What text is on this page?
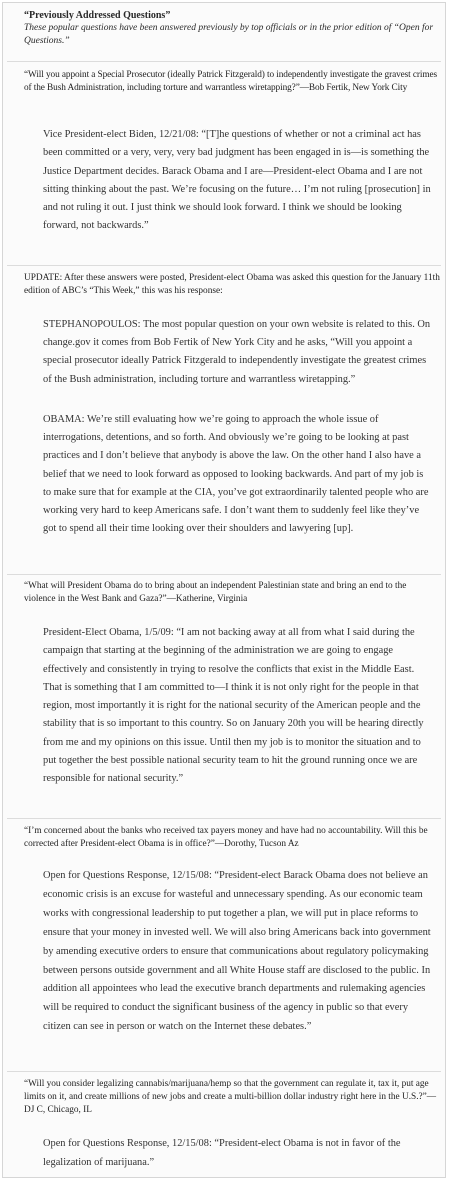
“Previously Addressed Questions”
These popular questions have been answered previously by top officials or in the prior edition of “Open for Questions.”
“Will you appoint a Special Prosecutor (ideally Patrick Fitzgerald) to independently investigate the gravest crimes of the Bush Administration, including torture and warrantless wiretapping?”—Bob Fertik, New York City
Vice President-elect Biden, 12/21/08: “[T]he questions of whether or not a criminal act has been committed or a very, very, very bad judgment has been engaged in is—is something the Justice Department decides. Barack Obama and I are—President-elect Obama and I are not sitting thinking about the past. We’re focusing on the future… I’m not ruling [prosecution] in and not ruling it out. I just think we should look forward. I think we should be looking forward, not backwards.”
UPDATE: After these answers were posted, President-elect Obama was asked this question for the January 11th edition of ABC’s “This Week,” this was his response:
STEPHANOPOULOS: The most popular question on your own website is related to this. On change.gov it comes from Bob Fertik of New York City and he asks, “Will you appoint a special prosecutor ideally Patrick Fitzgerald to independently investigate the greatest crimes of the Bush administration, including torture and warrantless wiretapping.”
OBAMA: We’re still evaluating how we’re going to approach the whole issue of interrogations, detentions, and so forth. And obviously we’re going to be looking at past practices and I don’t believe that anybody is above the law. On the other hand I also have a belief that we need to look forward as opposed to looking backwards. And part of my job is to make sure that for example at the CIA, you’ve got extraordinarily talented people who are working very hard to keep Americans safe. I don’t want them to suddenly feel like they’ve got to spend all their time looking over their shoulders and lawyering [up].
“What will President Obama do to bring about an independent Palestinian state and bring an end to the violence in the West Bank and Gaza?”—Katherine, Virginia
President-Elect Obama, 1/5/09: “I am not backing away at all from what I said during the campaign that starting at the beginning of the administration we are going to engage effectively and consistently in trying to resolve the conflicts that exist in the Middle East. That is something that I am committed to—I think it is not only right for the people in that region, most importantly it is right for the national security of the American people and the stability that is so important to this country. So on January 20th you will be hearing directly from me and my opinions on this issue. Until then my job is to monitor the situation and to put together the best possible national security team to hit the ground running once we are responsible for national security.”
“I’m concerned about the banks who received tax payers money and have had no accountability. Will this be corrected after President-elect Obama is in office?”—Dorothy, Tucson Az
Open for Questions Response, 12/15/08: “President-elect Barack Obama does not believe an economic crisis is an excuse for wasteful and unnecessary spending. As our economic team works with congressional leadership to put together a plan, we will put in place reforms to ensure that your money in invested well. We will also bring Americans back into government by amending executive orders to ensure that communications about regulatory policymaking between persons outside government and all White House staff are disclosed to the public. In addition all appointees who lead the executive branch departments and rulemaking agencies will be required to conduct the significant business of the agency in public so that every citizen can see in person or watch on the Internet these debates.”
“Will you consider legalizing cannabis/marijuana/hemp so that the government can regulate it, tax it, put age limits on it, and create millions of new jobs and create a multi-billion dollar industry right here in the U.S.?”—DJ C, Chicago, IL
Open for Questions Response, 12/15/08: “President-elect Obama is not in favor of the legalization of marijuana.”
